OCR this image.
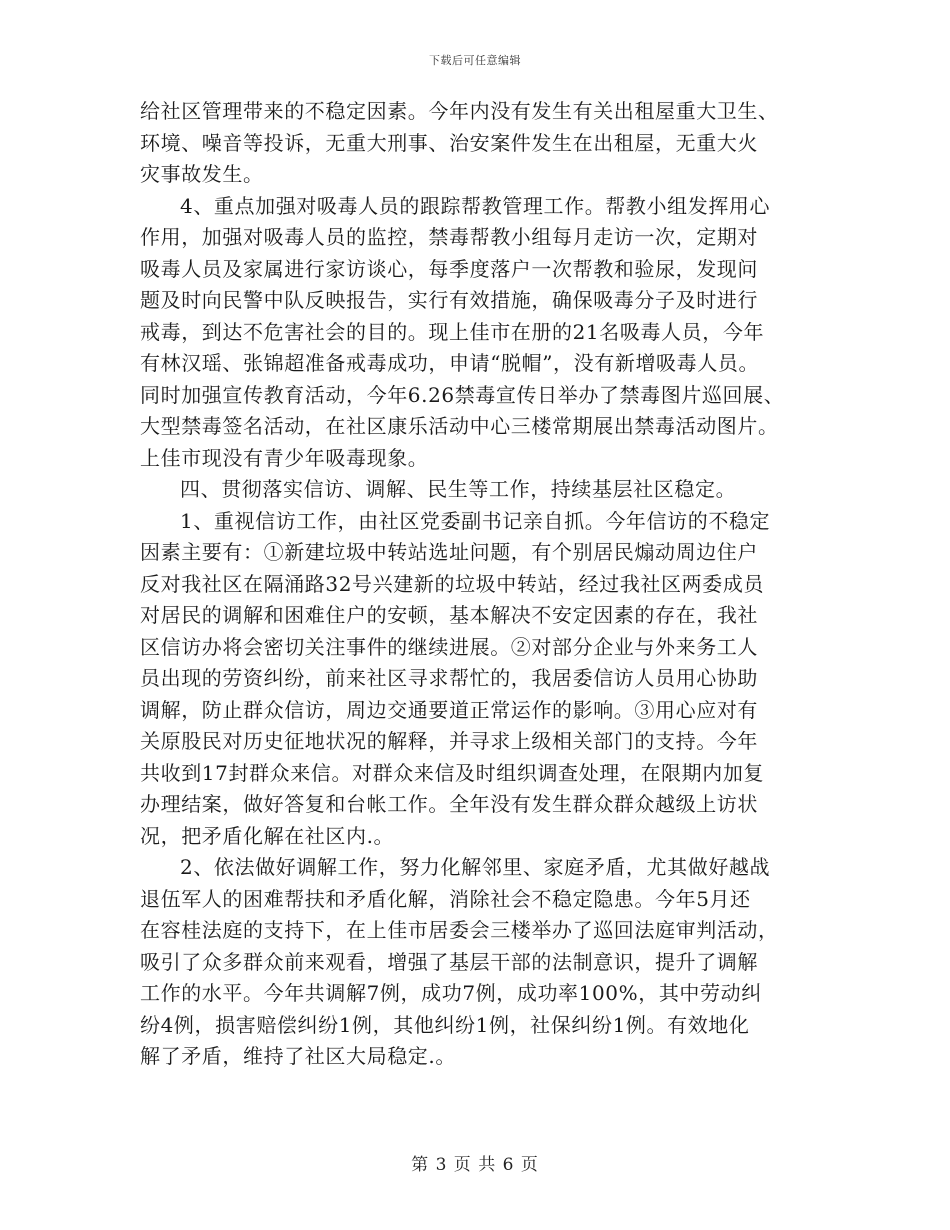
下载后可任意编辑
给社区管理带来的不稳定因素。今年内没有发生有关出租屋重大卫生、
环境、噪音等投诉，无重大刑事、治安案件发生在出租屋，无重大火
灾事故发生。
4、重点加强对吸毒人员的跟踪帮教管理工作。帮教小组发挥用心
作用，加强对吸毒人员的监控，禁毒帮教小组每月走访一次，定期对
吸毒人员及家属进行家访谈心，每季度落户一次帮教和验尿，发现问
题及时向民警中队反映报告，实行有效措施，确保吸毒分子及时进行
戒毒，到达不危害社会的目的。现上佳市在册的21名吸毒人员，今年
有林汉瑶、张锦超准备戒毒成功，申请“脱帽”，没有新增吸毒人员。
同时加强宣传教育活动，今年6.26禁毒宣传日举办了禁毒图片巡回展、
大型禁毒签名活动，在社区康乐活动中心三楼常期展出禁毒活动图片。
上佳市现没有青少年吸毒现象。
四、贯彻落实信访、调解、民生等工作，持续基层社区稳定。
1、重视信访工作，由社区党委副书记亲自抓。今年信访的不稳定
因素主要有：①新建垃圾中转站选址问题，有个别居民煽动周边住户
反对我社区在隔涌路32号兴建新的垃圾中转站，经过我社区两委成员
对居民的调解和困难住户的安顿，基本解决不安定因素的存在，我社
区信访办将会密切关注事件的继续进展。②对部分企业与外来务工人
员出现的劳资纠纷，前来社区寻求帮忙的，我居委信访人员用心协助
调解，防止群众信访，周边交通要道正常运作的影响。③用心应对有
关原股民对历史征地状况的解释，并寻求上级相关部门的支持。今年
共收到17封群众来信。对群众来信及时组织调查处理，在限期内加复
办理结案，做好答复和台帐工作。全年没有发生群众群众越级上访状
况，把矛盾化解在社区内.。
2、依法做好调解工作，努力化解邻里、家庭矛盾，尤其做好越战
退伍军人的困难帮扶和矛盾化解，消除社会不稳定隐患。今年5月还
在容桂法庭的支持下，在上佳市居委会三楼举办了巡回法庭审判活动，
吸引了众多群众前来观看，增强了基层干部的法制意识，提升了调解
工作的水平。今年共调解7例，成功7例，成功率100%，其中劳动纠
纷4例，损害赔偿纠纷1例，其他纠纷1例，社保纠纷1例。有效地化
解了矛盾，维持了社区大局稳定.。
第 3 页 共 6 页
